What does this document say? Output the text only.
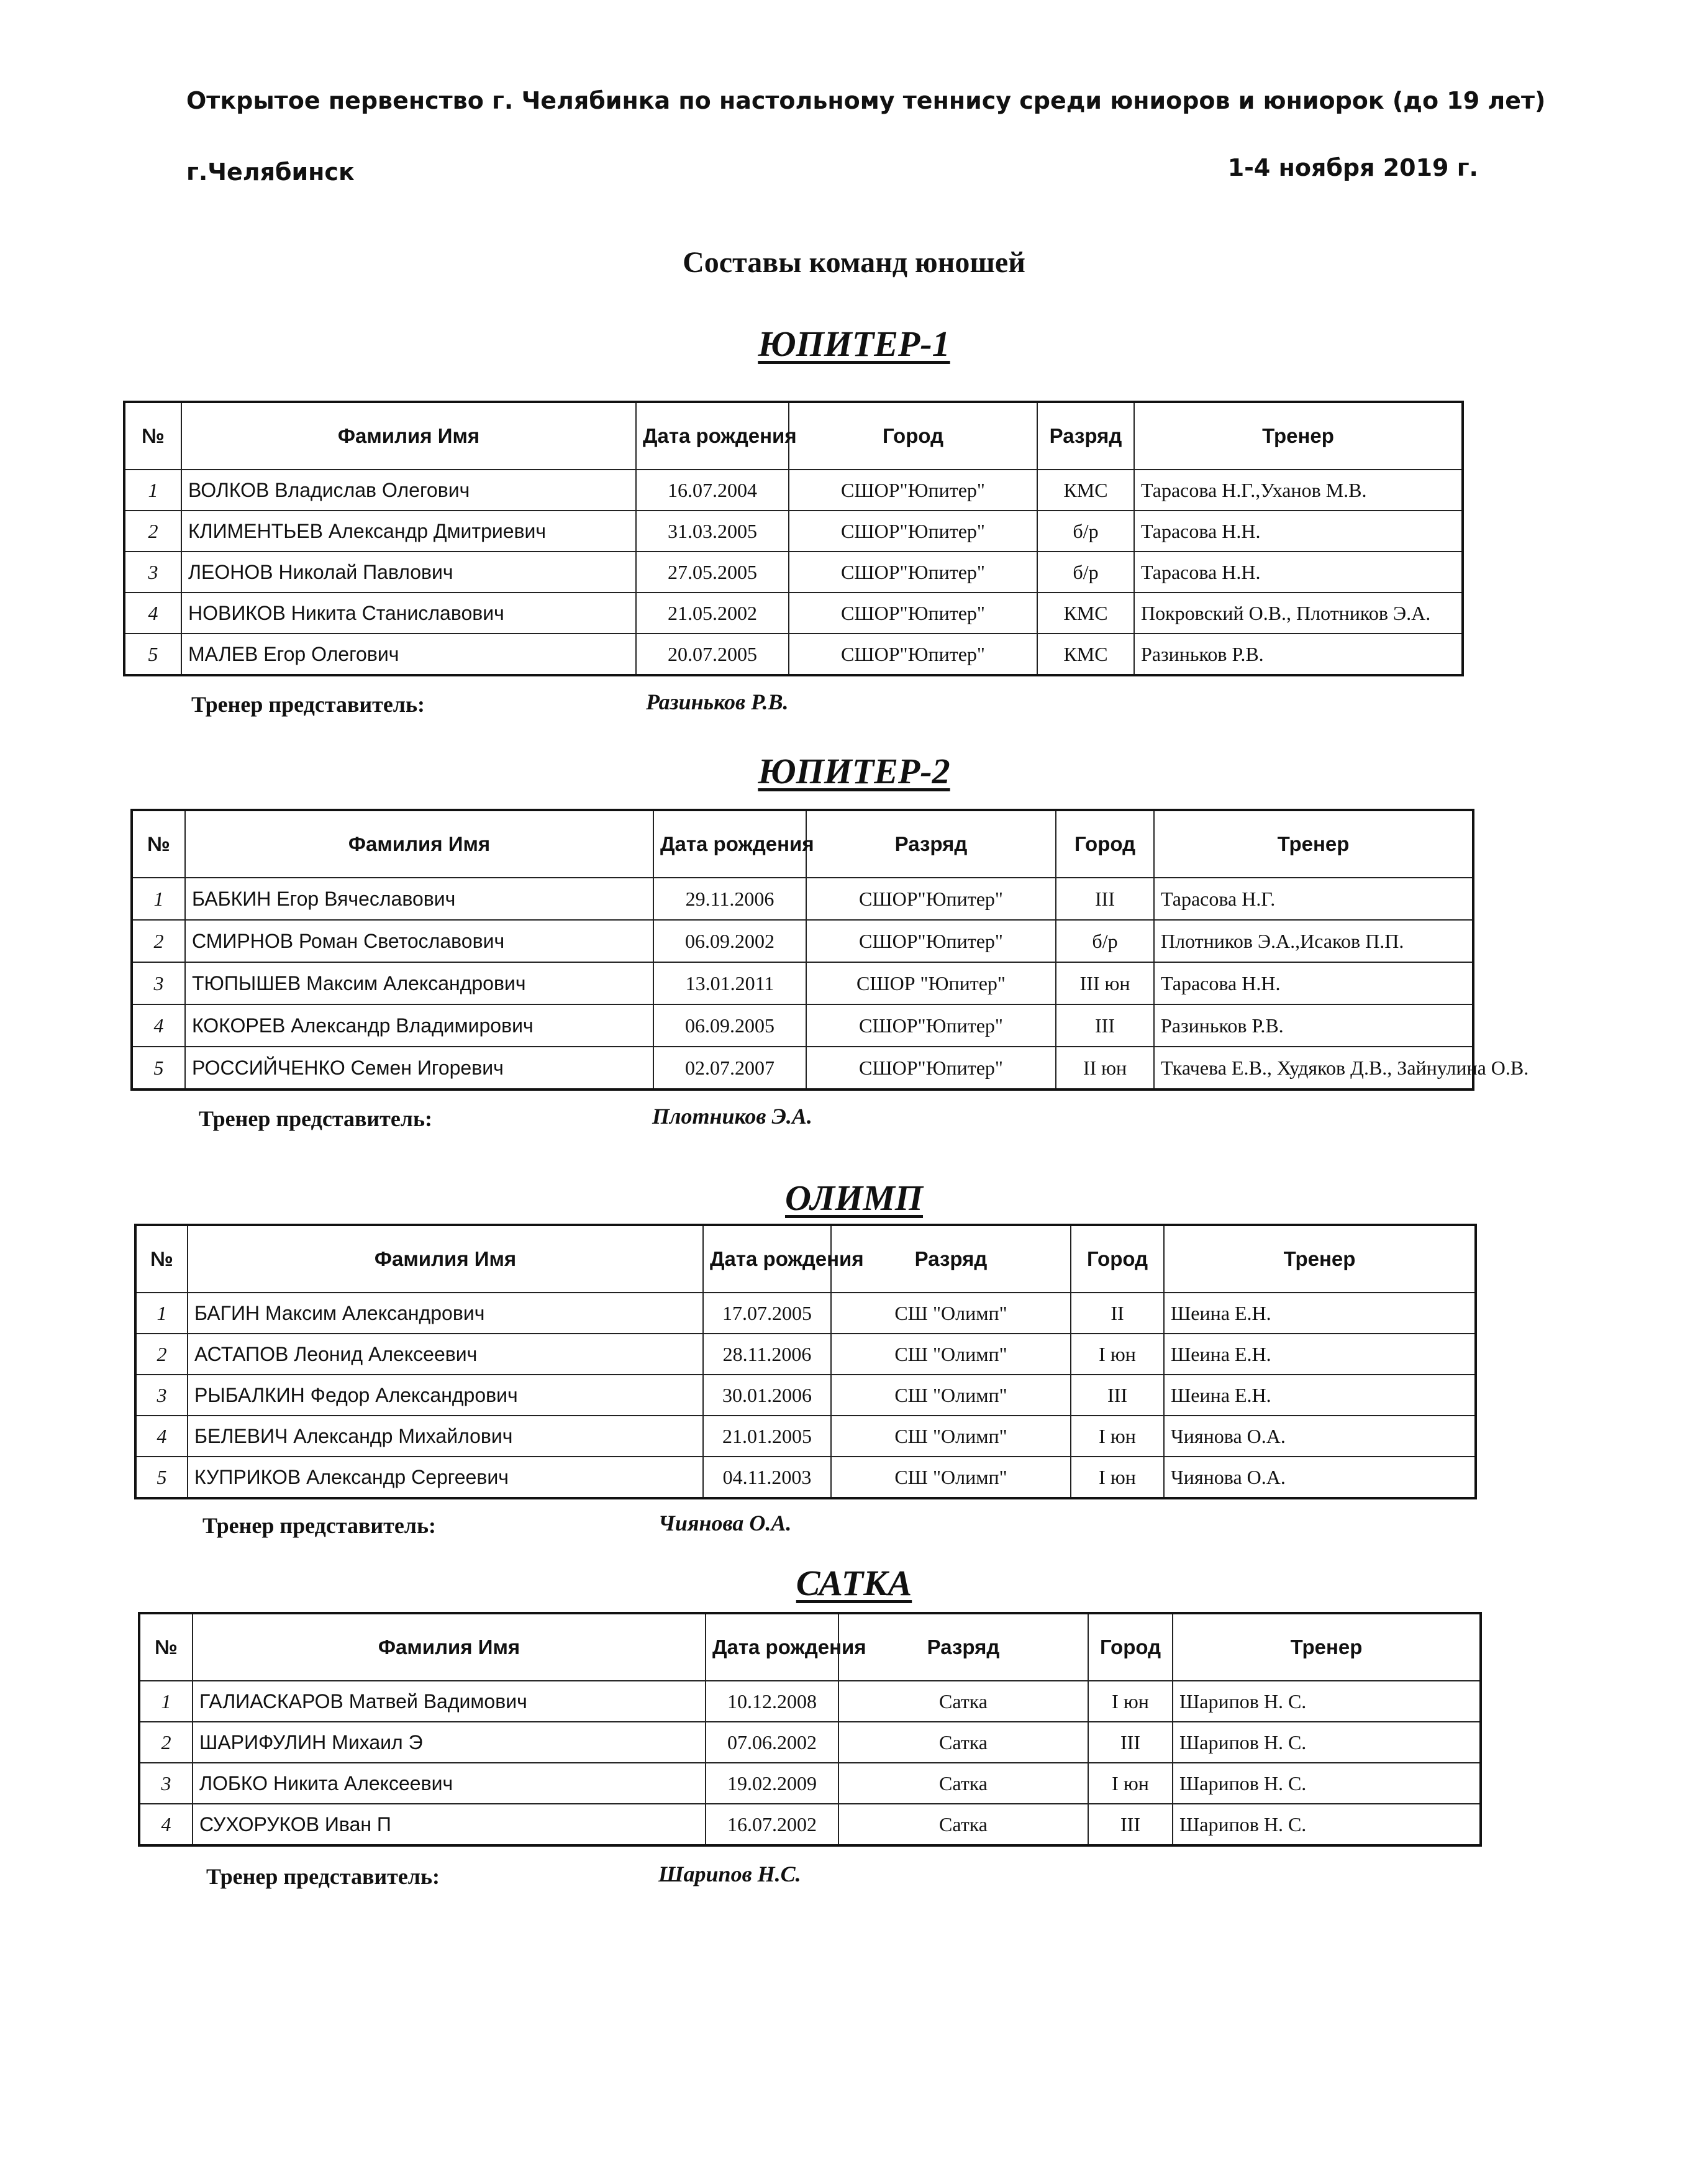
Открытое первенство г. Челябинка по настольному теннису среди юниоров и юниорок (до 19 лет)
г.Челябинск	1-4 ноября 2019 г.
Составы команд юношей
ЮПИТЕР-1
№	Фамилия Имя	Дата рождения	Город	Разряд	Тренер
1	ВОЛКОВ Владислав Олегович	16.07.2004	СШОР"Юпитер"	КМС	Тарасова Н.Г.,Уханов М.В.
2	КЛИМЕНТЬЕВ Александр Дмитриевич	31.03.2005	СШОР"Юпитер"	б/р	Тарасова Н.Н.
3	ЛЕОНОВ Николай Павлович	27.05.2005	СШОР"Юпитер"	б/р	Тарасова Н.Н.
4	НОВИКОВ Никита Станиславович	21.05.2002	СШОР"Юпитер"	КМС	Покровский О.В., Плотников Э.А.
5	МАЛЕВ Егор Олегович	20.07.2005	СШОР"Юпитер"	КМС	Разиньков Р.В.
Тренер представитель:	Разиньков Р.В.
ЮПИТЕР-2
№	Фамилия Имя	Дата рождения	Разряд	Город	Тренер
1	БАБКИН Егор Вячеславович	29.11.2006	СШОР"Юпитер"	III	Тарасова Н.Г.
2	СМИРНОВ Роман Светославович	06.09.2002	СШОР"Юпитер"	б/р	Плотников Э.А.,Исаков П.П.
3	ТЮПЫШЕВ Максим Александрович	13.01.2011	СШОР "Юпитер"	III юн	Тарасова Н.Н.
4	КОКОРЕВ Александр Владимирович	06.09.2005	СШОР"Юпитер"	III	Разиньков Р.В.
5	РОССИЙЧЕНКО Семен Игоревич	02.07.2007	СШОР"Юпитер"	II юн	Ткачева Е.В., Худяков Д.В., Зайнулина О.В.
Тренер представитель:	Плотников Э.А.
ОЛИМП
№	Фамилия Имя	Дата рождения	Разряд	Город	Тренер
1	БАГИН Максим Александрович	17.07.2005	СШ "Олимп"	II	Шеина Е.Н.
2	АСТАПОВ Леонид Алексеевич	28.11.2006	СШ "Олимп"	I юн	Шеина Е.Н.
3	РЫБАЛКИН Федор Александрович	30.01.2006	СШ "Олимп"	III	Шеина Е.Н.
4	БЕЛЕВИЧ Александр Михайлович	21.01.2005	СШ "Олимп"	I юн	Чиянова О.А.
5	КУПРИКОВ Александр Сергеевич	04.11.2003	СШ "Олимп"	I юн	Чиянова О.А.
Тренер представитель:	Чиянова О.А.
САТКА
№	Фамилия Имя	Дата рождения	Разряд	Город	Тренер
1	ГАЛИАСКАРОВ Матвей Вадимович	10.12.2008	Сатка	I юн	Шарипов Н. С.
2	ШАРИФУЛИН Михаил Э	07.06.2002	Сатка	III	Шарипов Н. С.
3	ЛОБКО Никита Алексеевич	19.02.2009	Сатка	I юн	Шарипов Н. С.
4	СУХОРУКОВ Иван П	16.07.2002	Сатка	III	Шарипов Н. С.
Тренер представитель:	Шарипов Н.С.
